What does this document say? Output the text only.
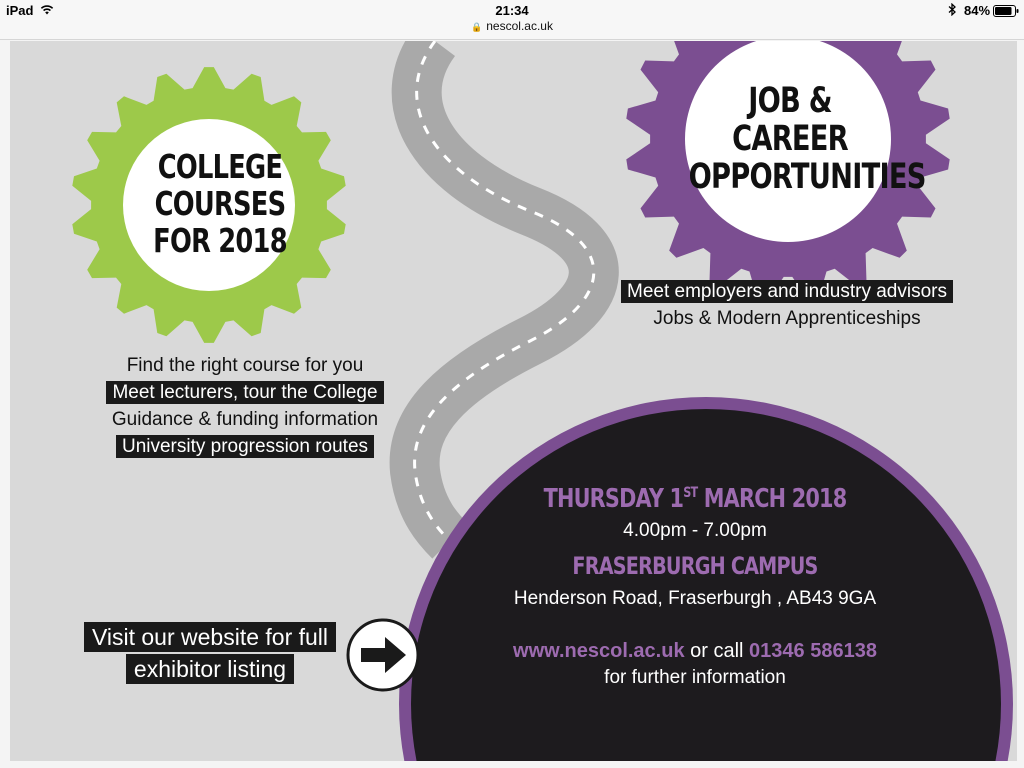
iPad	21:34
🔒 nescol.ac.uk
84%
COLLEGE
COURSES
FOR 2018
JOB & CAREER
OPPORTUNITIES
Find the right course for you
Meet lecturers, tour the College
Guidance & funding information
University progression routes
Meet employers and industry advisors
Jobs & Modern Apprenticeships
THURSDAY 1ST MARCH 2018
4.00pm - 7.00pm
FRASERBURGH CAMPUS
Henderson Road, Fraserburgh , AB43 9GA
www.nescol.ac.uk or call 01346 586138
for further information
Visit our website for full
exhibitor listing
